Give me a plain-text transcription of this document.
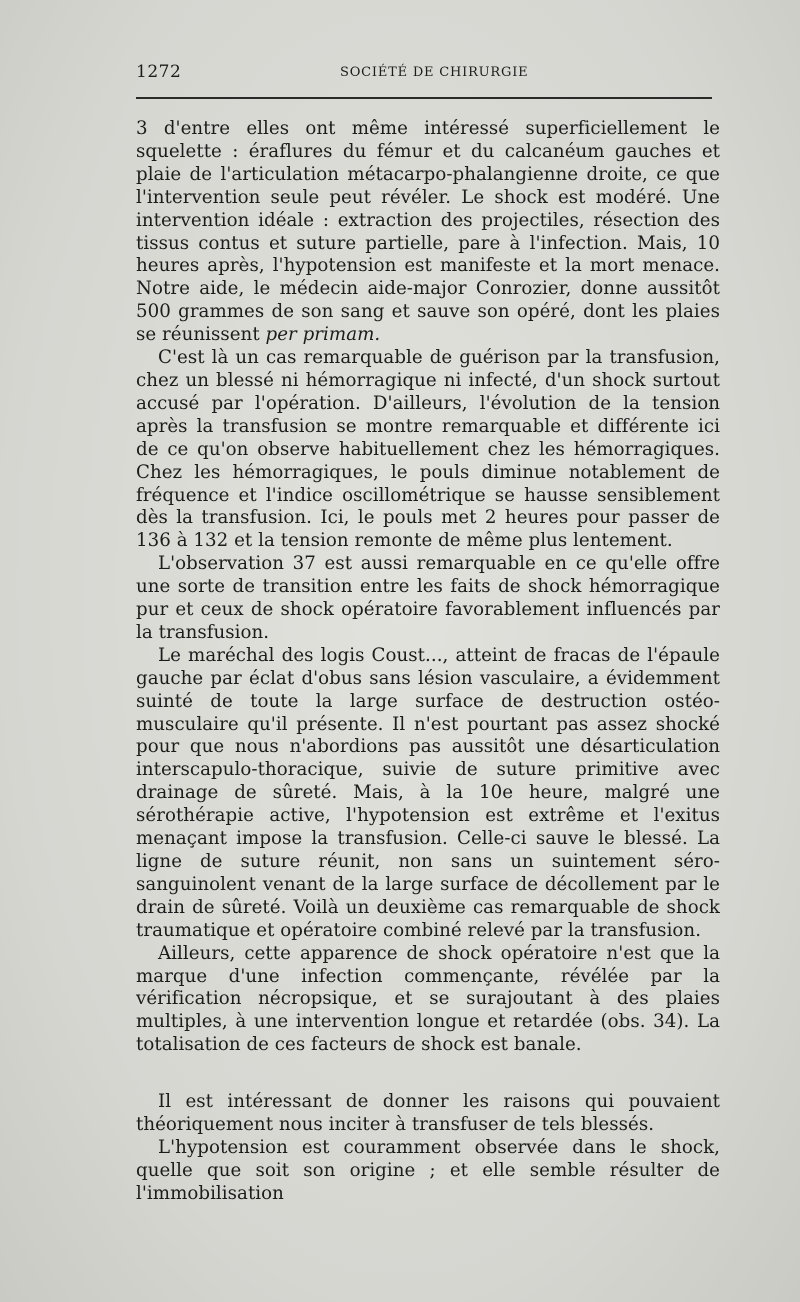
1272	SOCIÉTÉ DE CHIRURGIE

3 d'entre elles ont même intéressé superficiellement le squelette : éraflures du fémur et du calcanéum gauches et plaie de l'articulation métacarpo-phalangienne droite, ce que l'intervention seule peut révéler. Le shock est modéré. Une intervention idéale : extraction des projectiles, résection des tissus contus et suture partielle, pare à l'infection. Mais, 10 heures après, l'hypotension est manifeste et la mort menace. Notre aide, le médecin aide-major Conrozier, donne aussitôt 500 grammes de son sang et sauve son opéré, dont les plaies se réunissent per primam.

C'est là un cas remarquable de guérison par la transfusion, chez un blessé ni hémorragique ni infecté, d'un shock surtout accusé par l'opération. D'ailleurs, l'évolution de la tension après la transfusion se montre remarquable et différente ici de ce qu'on observe habituellement chez les hémorragiques. Chez les hémorragiques, le pouls diminue notablement de fréquence et l'indice oscillométrique se hausse sensiblement dès la transfusion. Ici, le pouls met 2 heures pour passer de 136 à 132 et la tension remonte de même plus lentement.

L'observation 37 est aussi remarquable en ce qu'elle offre une sorte de transition entre les faits de shock hémorragique pur et ceux de shock opératoire favorablement influencés par la transfusion.

Le maréchal des logis Coust..., atteint de fracas de l'épaule gauche par éclat d'obus sans lésion vasculaire, a évidemment suinté de toute la large surface de destruction ostéo-musculaire qu'il présente. Il n'est pourtant pas assez shocké pour que nous n'abordions pas aussitôt une désarticulation interscapulo-thoracique, suivie de suture primitive avec drainage de sûreté. Mais, à la 10e heure, malgré une sérothérapie active, l'hypotension est extrême et l'exitus menaçant impose la transfusion. Celle-ci sauve le blessé. La ligne de suture réunit, non sans un suintement séro-sanguinolent venant de la large surface de décollement par le drain de sûreté. Voilà un deuxième cas remarquable de shock traumatique et opératoire combiné relevé par la transfusion.

Ailleurs, cette apparence de shock opératoire n'est que la marque d'une infection commençante, révélée par la vérification nécropsique, et se surajoutant à des plaies multiples, à une intervention longue et retardée (obs. 34). La totalisation de ces facteurs de shock est banale.

Il est intéressant de donner les raisons qui pouvaient théoriquement nous inciter à transfuser de tels blessés.

L'hypotension est couramment observée dans le shock, quelle que soit son origine ; et elle semble résulter de l'immobilisation
